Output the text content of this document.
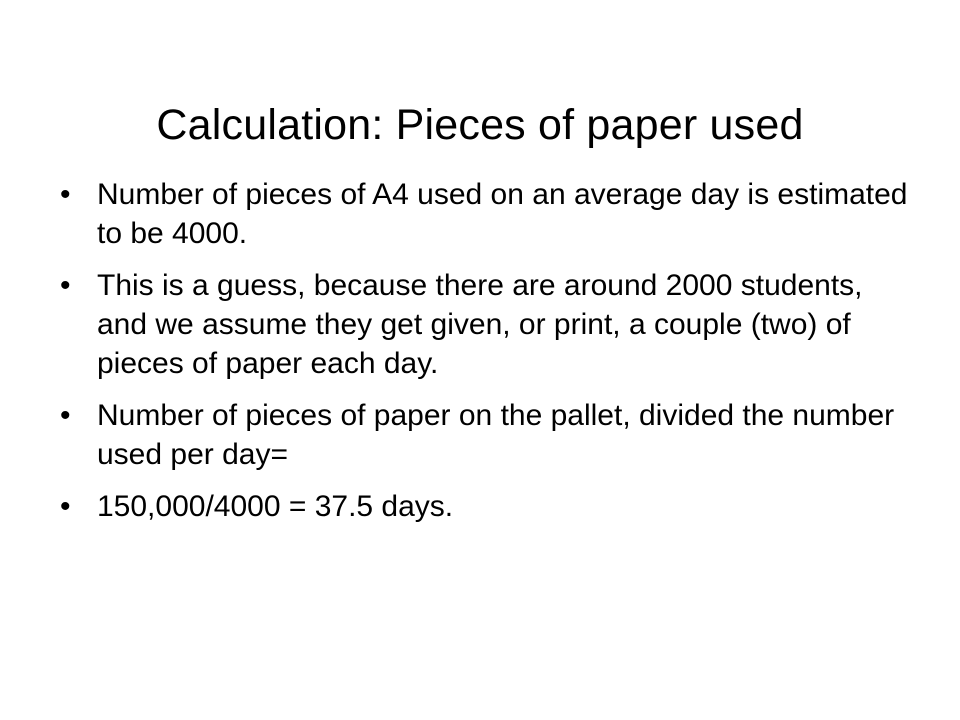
Calculation: Pieces of paper used
• Number of pieces of A4 used on an average day is estimated to be 4000.
• This is a guess, because there are around 2000 students, and we assume they get given, or print, a couple (two) of pieces of paper each day.
• Number of pieces of paper on the pallet, divided the number used per day=
• 150,000/4000 = 37.5 days.
